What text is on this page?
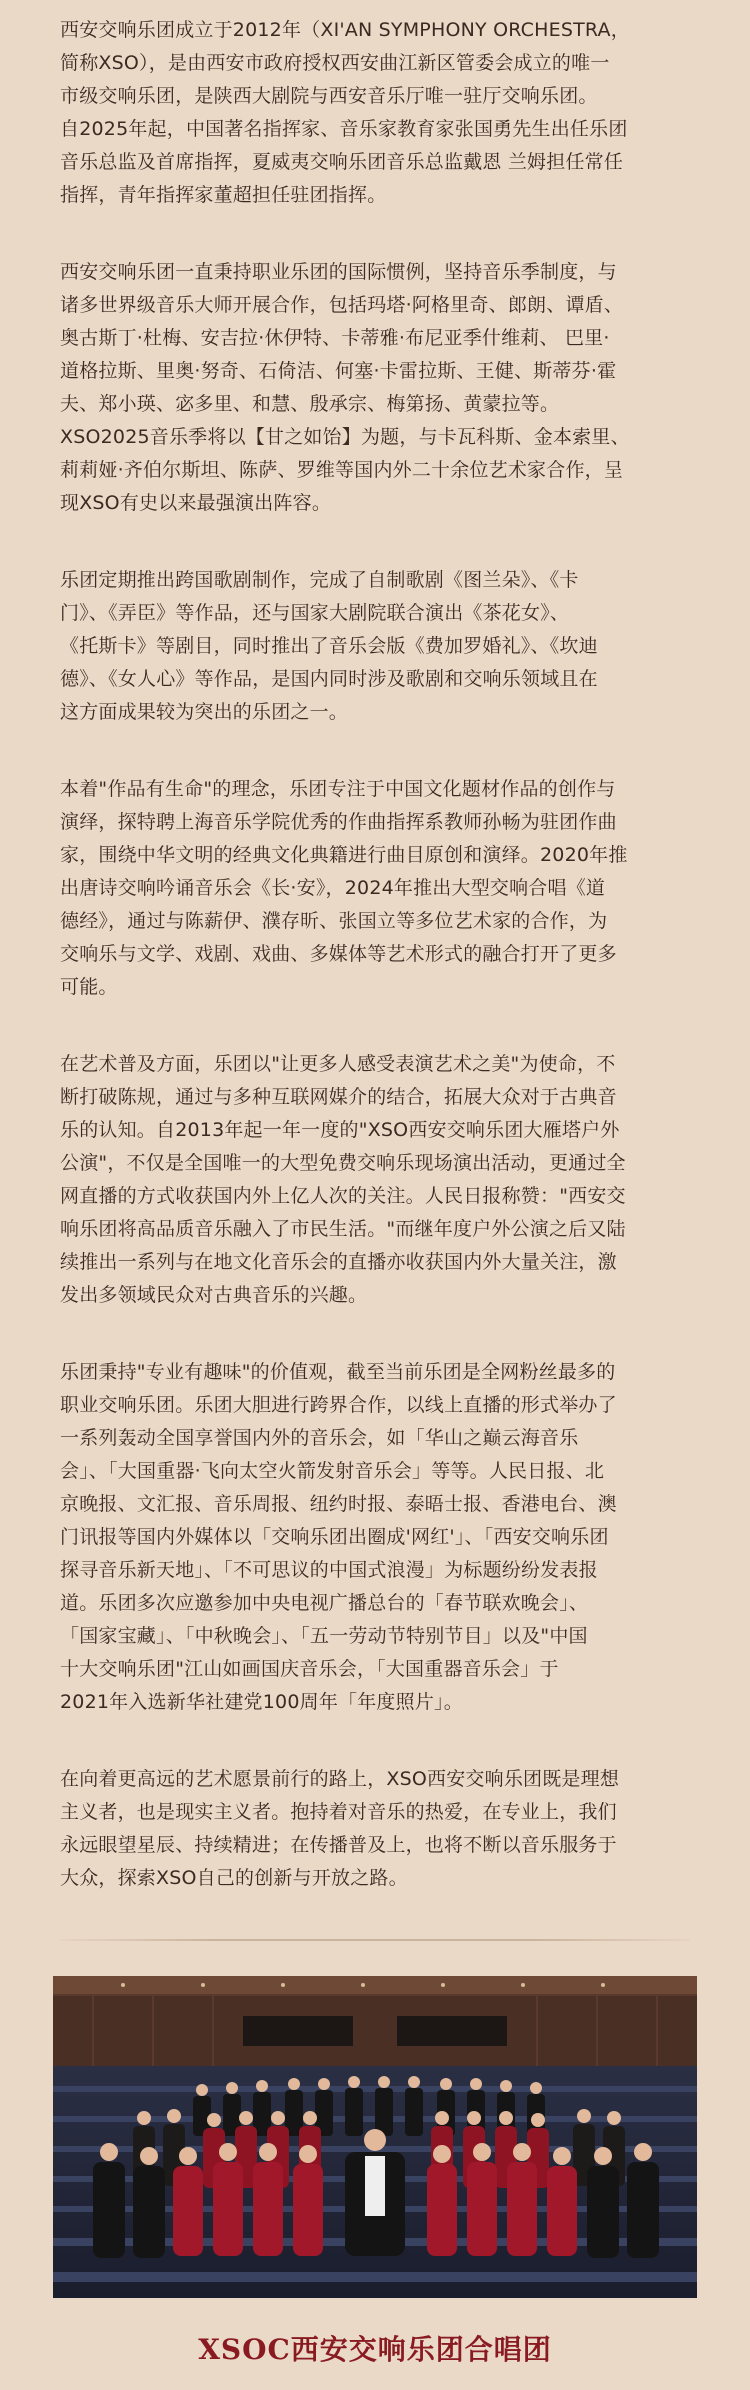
西安交响乐团成立于2012年（XI'AN SYMPHONY ORCHESTRA，
简称XSO），是由西安市政府授权西安曲江新区管委会成立的唯一
市级交响乐团，是陕西大剧院与西安音乐厅唯一驻厅交响乐团。
自2025年起，中国著名指挥家、音乐家教育家张国勇先生出任乐团
音乐总监及首席指挥，夏威夷交响乐团音乐总监戴恩 兰姆担任常任
指挥，青年指挥家董超担任驻团指挥。

西安交响乐团一直秉持职业乐团的国际惯例，坚持音乐季制度，与
诸多世界级音乐大师开展合作，包括玛塔·阿格里奇、郎朗、谭盾、
奥古斯丁·杜梅、安吉拉·休伊特、卡蒂雅·布尼亚季什维莉、 巴里·
道格拉斯、里奥·努奇、石倚洁、何塞·卡雷拉斯、王健、斯蒂芬·霍
夫、郑小瑛、宓多里、和慧、殷承宗、梅第扬、黄蒙拉等。
XSO2025音乐季将以【甘之如饴】为题，与卡瓦科斯、金本索里、
莉莉娅·齐伯尔斯坦、陈萨、罗维等国内外二十余位艺术家合作，呈
现XSO有史以来最强演出阵容。

乐团定期推出跨国歌剧制作，完成了自制歌剧《图兰朵》、《卡
门》、《弄臣》等作品，还与国家大剧院联合演出《茶花女》、
《托斯卡》等剧目，同时推出了音乐会版《费加罗婚礼》、《坎迪
德》、《女人心》等作品，是国内同时涉及歌剧和交响乐领域且在
这方面成果较为突出的乐团之一。

本着"作品有生命"的理念，乐团专注于中国文化题材作品的创作与
演绎，探特聘上海音乐学院优秀的作曲指挥系教师孙畅为驻团作曲
家，围绕中华文明的经典文化典籍进行曲目原创和演绎。2020年推
出唐诗交响吟诵音乐会《长·安》，2024年推出大型交响合唱《道
德经》，通过与陈薪伊、濮存昕、张国立等多位艺术家的合作，为
交响乐与文学、戏剧、戏曲、多媒体等艺术形式的融合打开了更多
可能。

在艺术普及方面，乐团以"让更多人感受表演艺术之美"为使命，不
断打破陈规，通过与多种互联网媒介的结合，拓展大众对于古典音
乐的认知。自2013年起一年一度的"XSO西安交响乐团大雁塔户外
公演"，不仅是全国唯一的大型免费交响乐现场演出活动，更通过全
网直播的方式收获国内外上亿人次的关注。人民日报称赞："西安交
响乐团将高品质音乐融入了市民生活。"而继年度户外公演之后又陆
续推出一系列与在地文化音乐会的直播亦收获国内外大量关注，激
发出多领域民众对古典音乐的兴趣。

乐团秉持"专业有趣味"的价值观，截至当前乐团是全网粉丝最多的
职业交响乐团。乐团大胆进行跨界合作，以线上直播的形式举办了
一系列轰动全国享誉国内外的音乐会，如「华山之巅云海音乐
会」、「大国重器·飞向太空火箭发射音乐会」等等。人民日报、北
京晚报、文汇报、音乐周报、纽约时报、泰晤士报、香港电台、澳
门讯报等国内外媒体以「交响乐团出圈成'网红'」、「西安交响乐团
探寻音乐新天地」、「不可思议的中国式浪漫」为标题纷纷发表报
道。乐团多次应邀参加中央电视广播总台的「春节联欢晚会」、
「国家宝藏」、「中秋晚会」、「五一劳动节特别节目」以及"中国
十大交响乐团"江山如画国庆音乐会，「大国重器音乐会」于
2021年入选新华社建党100周年「年度照片」。

在向着更高远的艺术愿景前行的路上，XSO西安交响乐团既是理想
主义者，也是现实主义者。抱持着对音乐的热爱，在专业上，我们
永远眼望星辰、持续精进；在传播普及上，也将不断以音乐服务于
大众，探索XSO自己的创新与开放之路。

XSOC西安交响乐团合唱团
